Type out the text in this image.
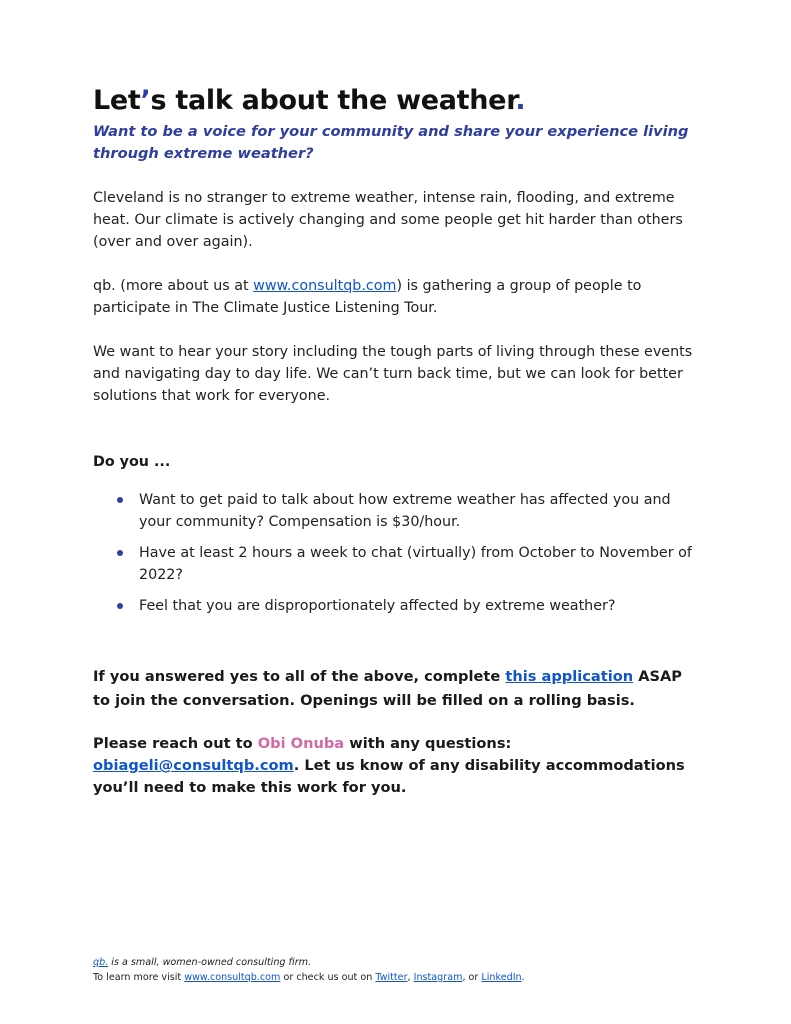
Let’s talk about the weather.

Want to be a voice for your community and share your experience living through extreme weather?

Cleveland is no stranger to extreme weather, intense rain, flooding, and extreme heat. Our climate is actively changing and some people get hit harder than others (over and over again).

qb. (more about us at www.consultqb.com) is gathering a group of people to participate in The Climate Justice Listening Tour.

We want to hear your story including the tough parts of living through these events and navigating day to day life. We can’t turn back time, but we can look for better solutions that work for everyone.

Do you ...

Want to get paid to talk about how extreme weather has affected you and your community? Compensation is $30/hour.
Have at least 2 hours a week to chat (virtually) from October to November of 2022?
Feel that you are disproportionately affected by extreme weather?

If you answered yes to all of the above, complete this application ASAP to join the conversation. Openings will be filled on a rolling basis.

Please reach out to Obi Onuba with any questions: obiageli@consultqb.com. Let us know of any disability accommodations you’ll need to make this work for you.

qb. is a small, women-owned consulting firm.
To learn more visit www.consultqb.com or check us out on Twitter, Instagram, or LinkedIn.
